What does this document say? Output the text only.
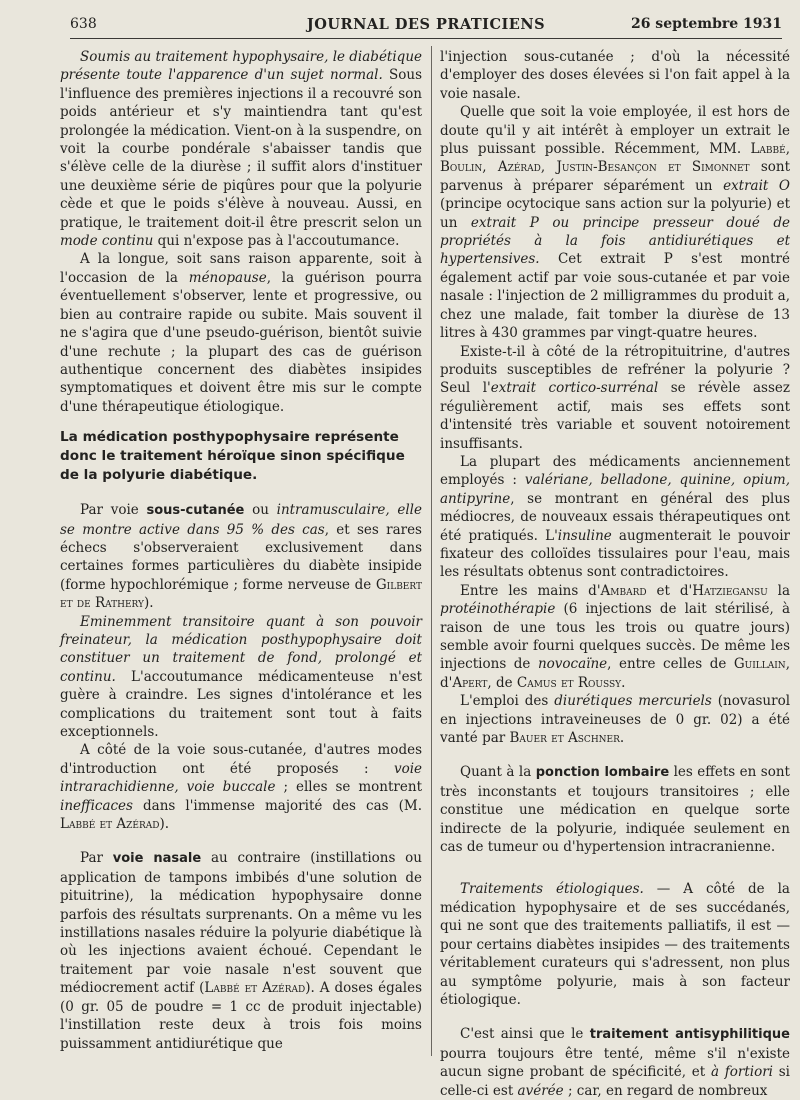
638	JOURNAL DES PRATICIENS	26 septembre 1931

Soumis au traitement hypophysaire, le diabétique présente toute l'apparence d'un sujet normal. Sous l'influence des premières injections il a recouvré son poids antérieur et s'y maintiendra tant qu'est prolongée la médication. Vient-on à la suspendre, on voit la courbe pondérale s'abaisser tandis que s'élève celle de la diurèse ; il suffit alors d'instituer une deuxième série de piqûres pour que la polyurie cède et que le poids s'élève à nouveau. Aussi, en pratique, le traitement doit-il être prescrit selon un mode continu qui n'expose pas à l'accoutumance.

A la longue, soit sans raison apparente, soit à l'occasion de la ménopause, la guérison pourra éventuellement s'observer, lente et progressive, ou bien au contraire rapide ou subite. Mais souvent il ne s'agira que d'une pseudo-guérison, bientôt suivie d'une rechute ; la plupart des cas de guérison authentique concernent des diabètes insipides symptomatiques et doivent être mis sur le compte d'une thérapeutique étiologique.

La médication posthypophysaire représente donc le traitement héroïque sinon spécifique de la polyurie diabétique.

Par voie sous-cutanée ou intramusculaire, elle se montre active dans 95 % des cas, et ses rares échecs s'observeraient exclusivement dans certaines formes particulières du diabète insipide (forme hypochlorémique ; forme nerveuse de Gilbert et de Rathery).

Eminemment transitoire quant à son pouvoir freinateur, la médication posthypophysaire doit constituer un traitement de fond, prolongé et continu. L'accoutumance médicamenteuse n'est guère à craindre. Les signes d'intolérance et les complications du traitement sont tout à faits exceptionnels.

A côté de la voie sous-cutanée, d'autres modes d'introduction ont été proposés : voie intrarachidienne, voie buccale ; elles se montrent inefficaces dans l'immense majorité des cas (M. Labbé et Azérad).

Par voie nasale au contraire (instillations ou application de tampons imbibés d'une solution de pituitrine), la médication hypophysaire donne parfois des résultats surprenants. On a même vu les instillations nasales réduire la polyurie diabétique là où les injections avaient échoué. Cependant le traitement par voie nasale n'est souvent que médiocrement actif (Labbé et Azérad). A doses égales (0 gr. 05 de poudre = 1 cc de produit injectable) l'instillation reste deux à trois fois moins puissamment antidiurétique que

l'injection sous-cutanée ; d'où la nécessité d'employer des doses élevées si l'on fait appel à la voie nasale.

Quelle que soit la voie employée, il est hors de doute qu'il y ait intérêt à employer un extrait le plus puissant possible. Récemment, MM. Labbé, Boulin, Azérad, Justin-Besançon et Simonnet sont parvenus à préparer séparément un extrait O (principe ocytocique sans action sur la polyurie) et un extrait P ou principe presseur doué de propriétés à la fois antidiurétiques et hypertensives. Cet extrait P s'est montré également actif par voie sous-cutanée et par voie nasale : l'injection de 2 milligrammes du produit a, chez une malade, fait tomber la diurèse de 13 litres à 430 grammes par vingt-quatre heures.

Existe-t-il à côté de la rétropituitrine, d'autres produits susceptibles de refréner la polyurie ? Seul l'extrait cortico-surrénal se révèle assez régulièrement actif, mais ses effets sont d'intensité très variable et souvent notoirement insuffisants.

La plupart des médicaments anciennement employés : valériane, belladone, quinine, opium, antipyrine, se montrant en général des plus médiocres, de nouveaux essais thérapeutiques ont été pratiqués. L'insuline augmenterait le pouvoir fixateur des colloïdes tissulaires pour l'eau, mais les résultats obtenus sont contradictoires.

Entre les mains d'Ambard et d'Hatziegansu la protéinothérapie (6 injections de lait stérilisé, à raison de une tous les trois ou quatre jours) semble avoir fourni quelques succès. De même les injections de novocaïne, entre celles de Guillain, d'Apert, de Camus et Roussy.

L'emploi des diurétiques mercuriels (novasurol en injections intraveineuses de 0 gr. 02) a été vanté par Bauer et Aschner.

Quant à la ponction lombaire les effets en sont très inconstants et toujours transitoires ; elle constitue une médication en quelque sorte indirecte de la polyurie, indiquée seulement en cas de tumeur ou d'hypertension intracranienne.

Traitements étiologiques. — A côté de la médication hypophysaire et de ses succédanés, qui ne sont que des traitements palliatifs, il est — pour certains diabètes insipides — des traitements véritablement curateurs qui s'adressent, non plus au symptôme polyurie, mais à son facteur étiologique.

C'est ainsi que le traitement antisyphilitique pourra toujours être tenté, même s'il n'existe aucun signe probant de spécificité, et à fortiori si celle-ci est avérée ; car, en regard de nombreux
